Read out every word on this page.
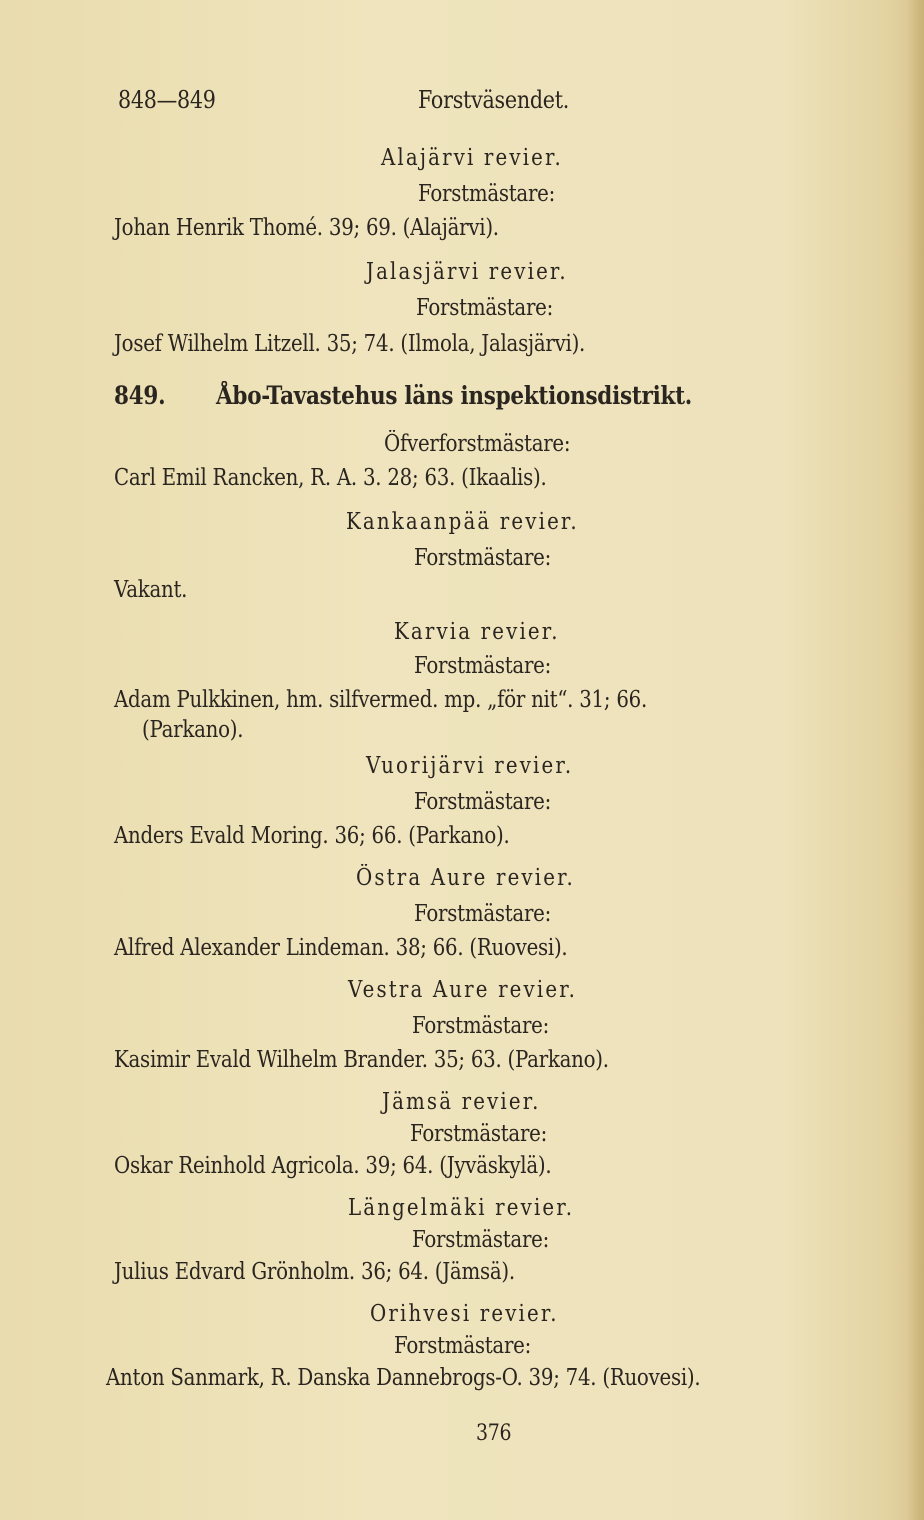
848—849	Forstväsendet.
Alajärvi revier.
Forstmästare:
Johan Henrik Thomé. 39; 69. (Alajärvi).
Jalasjärvi revier.
Forstmästare:
Josef Wilhelm Litzell. 35; 74. (Ilmola, Jalasjärvi).
849. Åbo-Tavastehus läns inspektionsdistrikt.
Öfverforstmästare:
Carl Emil Rancken, R. A. 3. 28; 63. (Ikaalis).
Kankaanpää revier.
Forstmästare:
Vakant.
Karvia revier.
Forstmästare:
Adam Pulkkinen, hm. silfvermed. mp. „för nit“. 31; 66.
(Parkano).
Vuorijärvi revier.
Forstmästare:
Anders Evald Moring. 36; 66. (Parkano).
Östra Aure revier.
Forstmästare:
Alfred Alexander Lindeman. 38; 66. (Ruovesi).
Vestra Aure revier.
Forstmästare:
Kasimir Evald Wilhelm Brander. 35; 63. (Parkano).
Jämsä revier.
Forstmästare:
Oskar Reinhold Agricola. 39; 64. (Jyväskylä).
Längelmäki revier.
Forstmästare:
Julius Edvard Grönholm. 36; 64. (Jämsä).
Orihvesi revier.
Forstmästare:
Anton Sanmark, R. Danska Dannebrogs-O. 39; 74. (Ruovesi).
376
